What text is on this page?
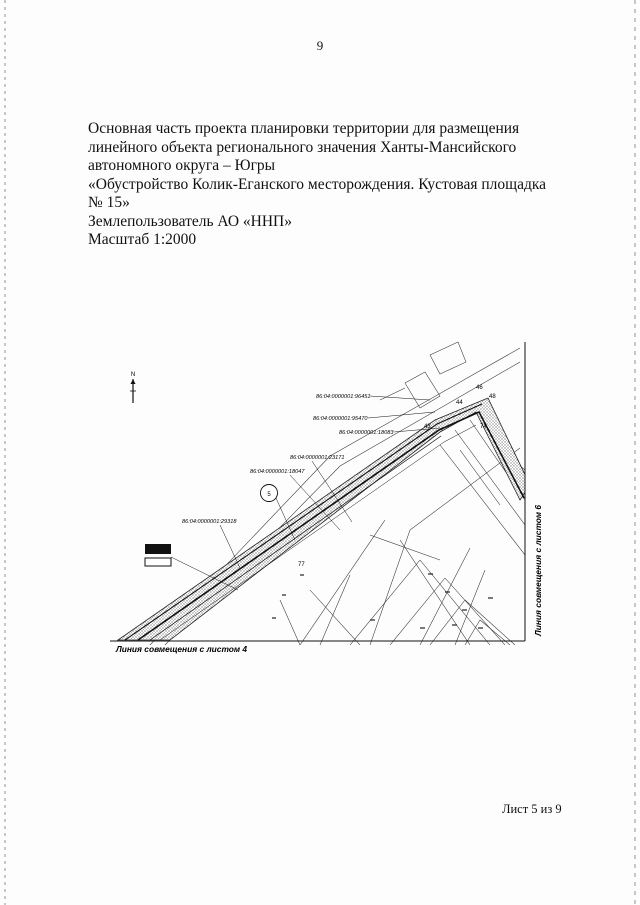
9
Основная часть проекта планировки территории для размещения
линейного объекта регионального значения Ханты-Мансийского
автономного округа – Югры
«Обустройство Колик-Еганского месторождения. Кустовая площадка
№ 15»
Землепользователь АО «ННП»
Масштаб 1:2000
N
86:04:0000001:96451
86:04:0000001:95470
86:04:0000001:18083
86:04:0000001:23171
86:04:0000001:18047
86:04:0000001:29318
5
46
48
44
43	74
77
Линия совмещения с листом 4
Линия совмещения с листом 6
Лист 5 из 9
